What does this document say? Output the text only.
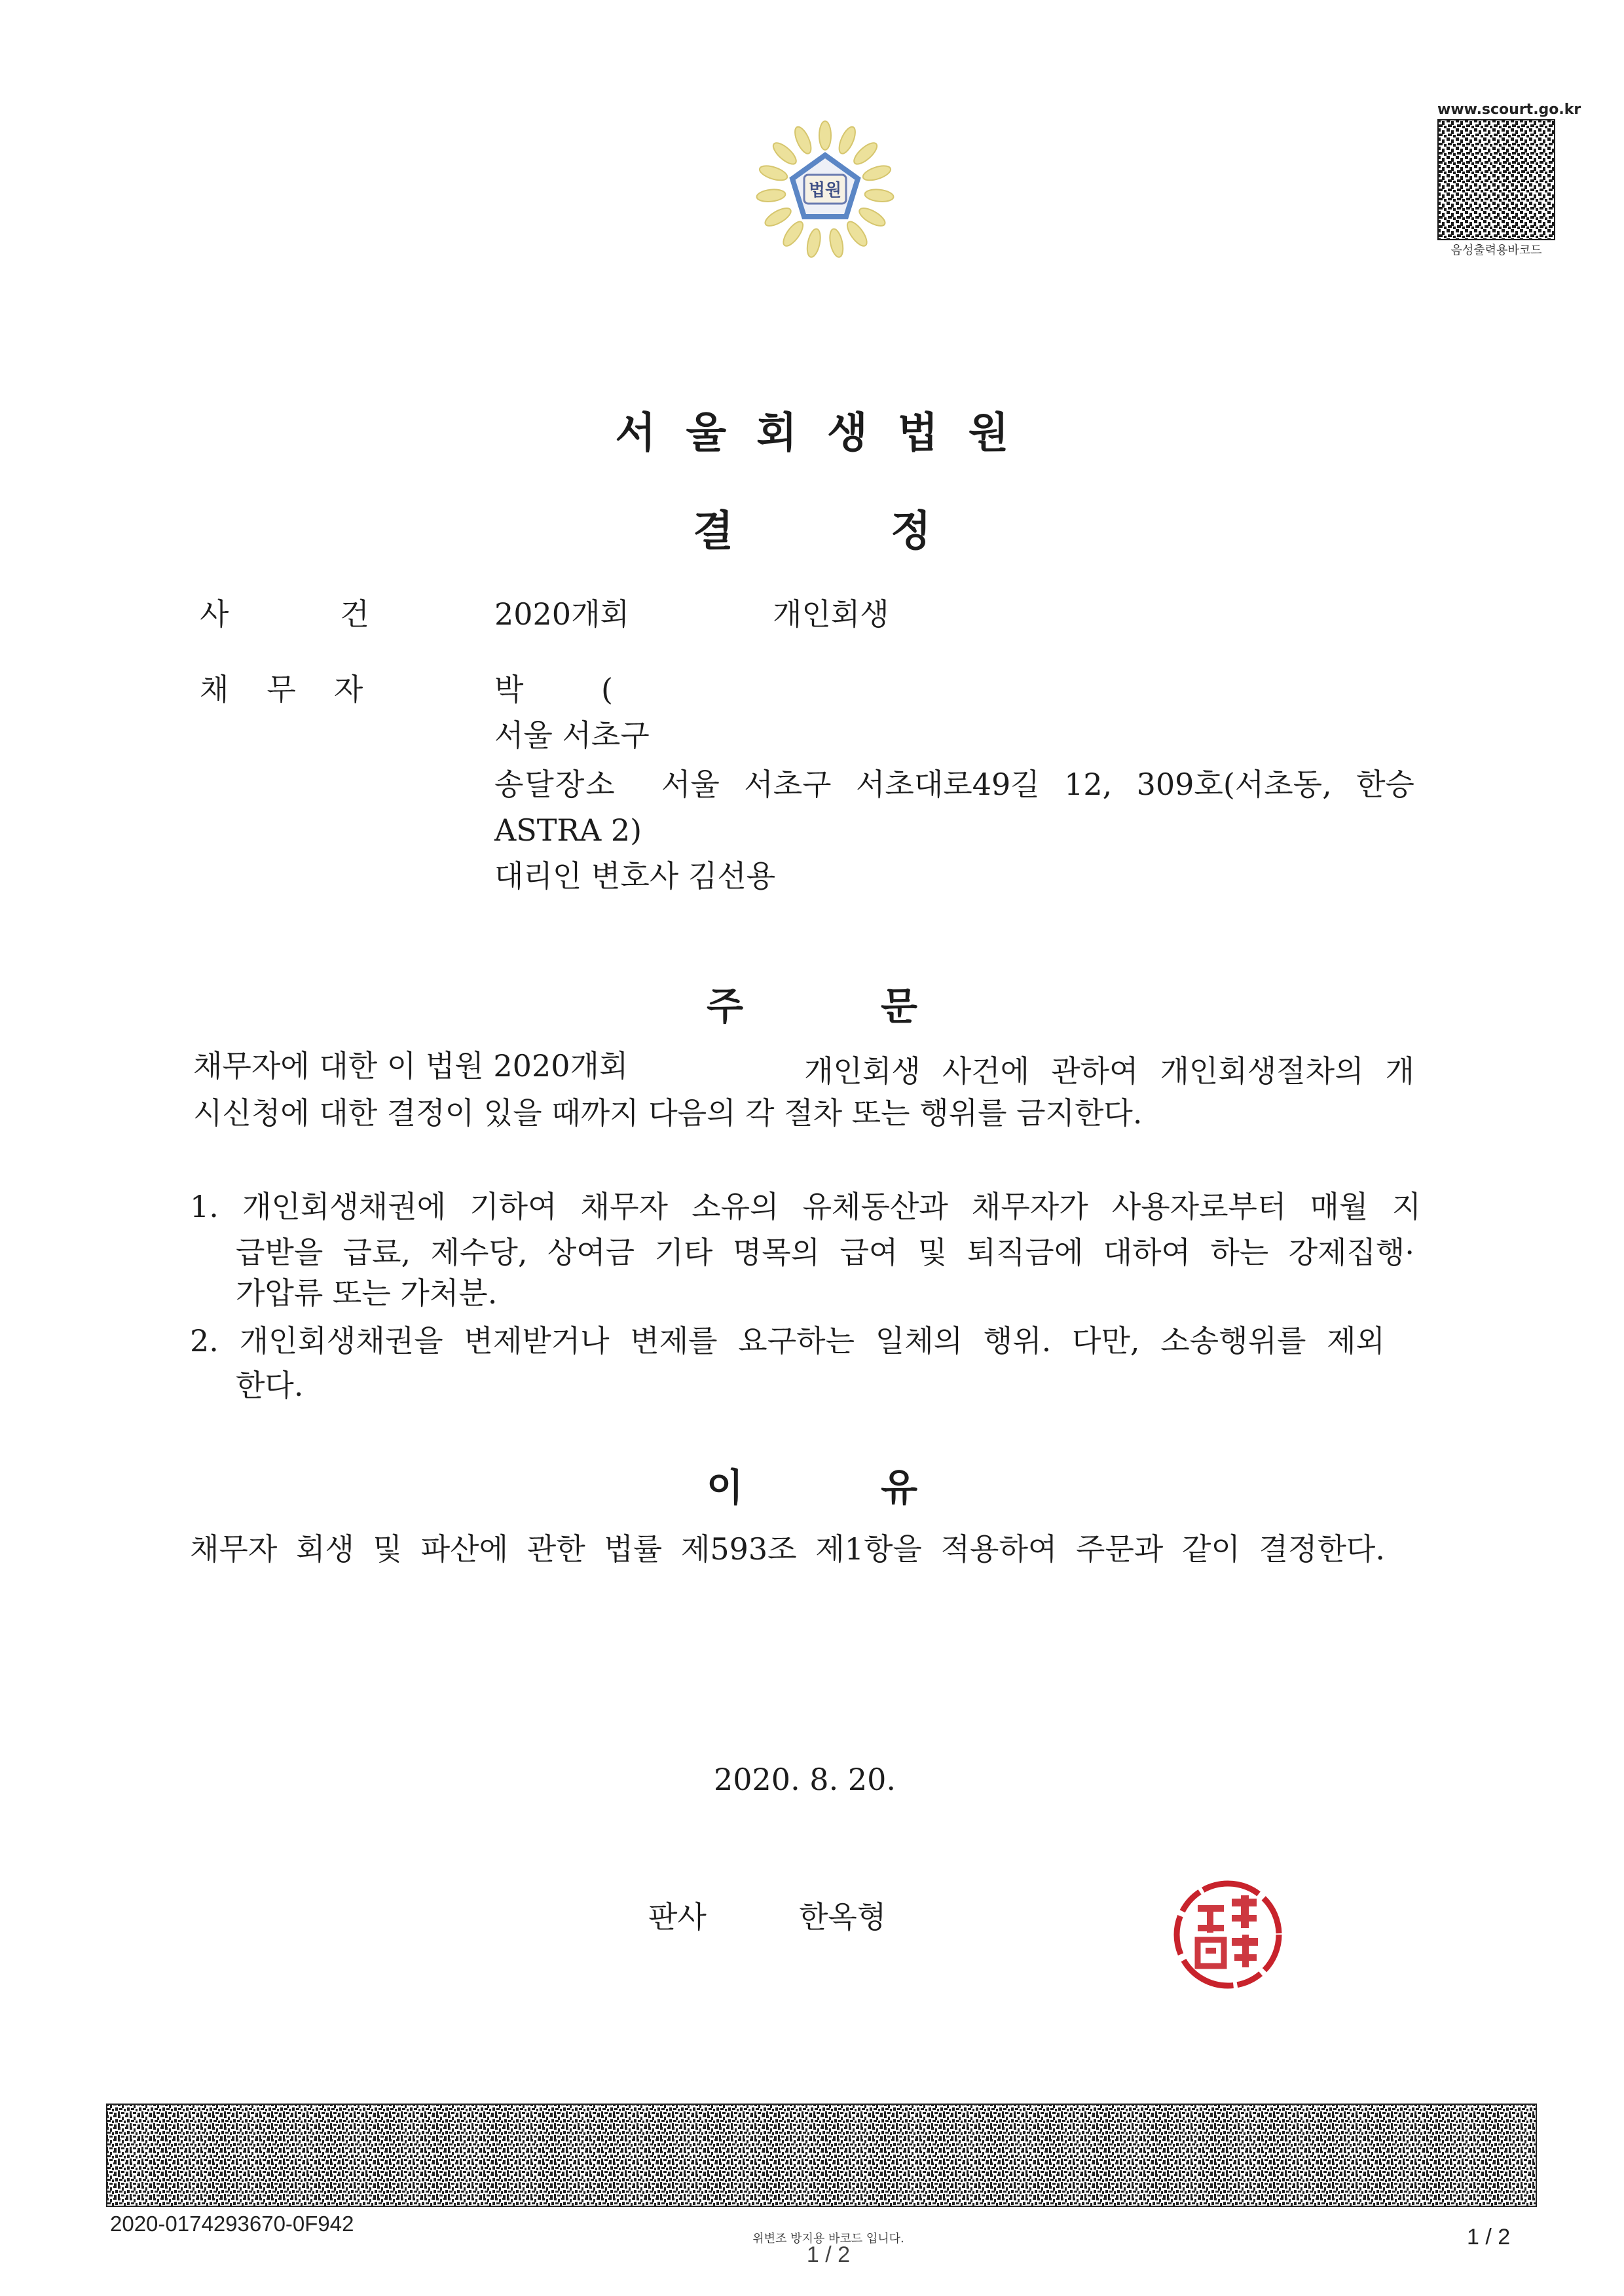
법원
www.scourt.go.kr
음성출력용바코드
서울회생법원
결정
사건 2020개회	개인회생
채무자	박	(
서울 서초구
송달장소 서울 서초구 서초대로49길 12, 309호(서초동, 한승
ASTRA 2)
대리인 변호사 김선용
주문
채무자에 대한 이 법원 2020개회	개인회생 사건에 관하여 개인회생절차의 개
시신청에 대한 결정이 있을 때까지 다음의 각 절차 또는 행위를 금지한다.
1. 개인회생채권에 기하여 채무자 소유의 유체동산과 채무자가 사용자로부터 매월 지
급받을 급료, 제수당, 상여금 기타 명목의 급여 및 퇴직금에 대하여 하는 강제집행·
가압류 또는 가처분.
2. 개인회생채권을 변제받거나 변제를 요구하는 일체의 행위. 다만, 소송행위를 제외
한다.
이유
채무자 회생 및 파산에 관한 법률 제593조 제1항을 적용하여 주문과 같이 결정한다.
2020. 8. 20.
판사	한옥형
2020-0174293670-0F942
위변조 방지용 바코드 입니다.
1 / 2
1 / 2
